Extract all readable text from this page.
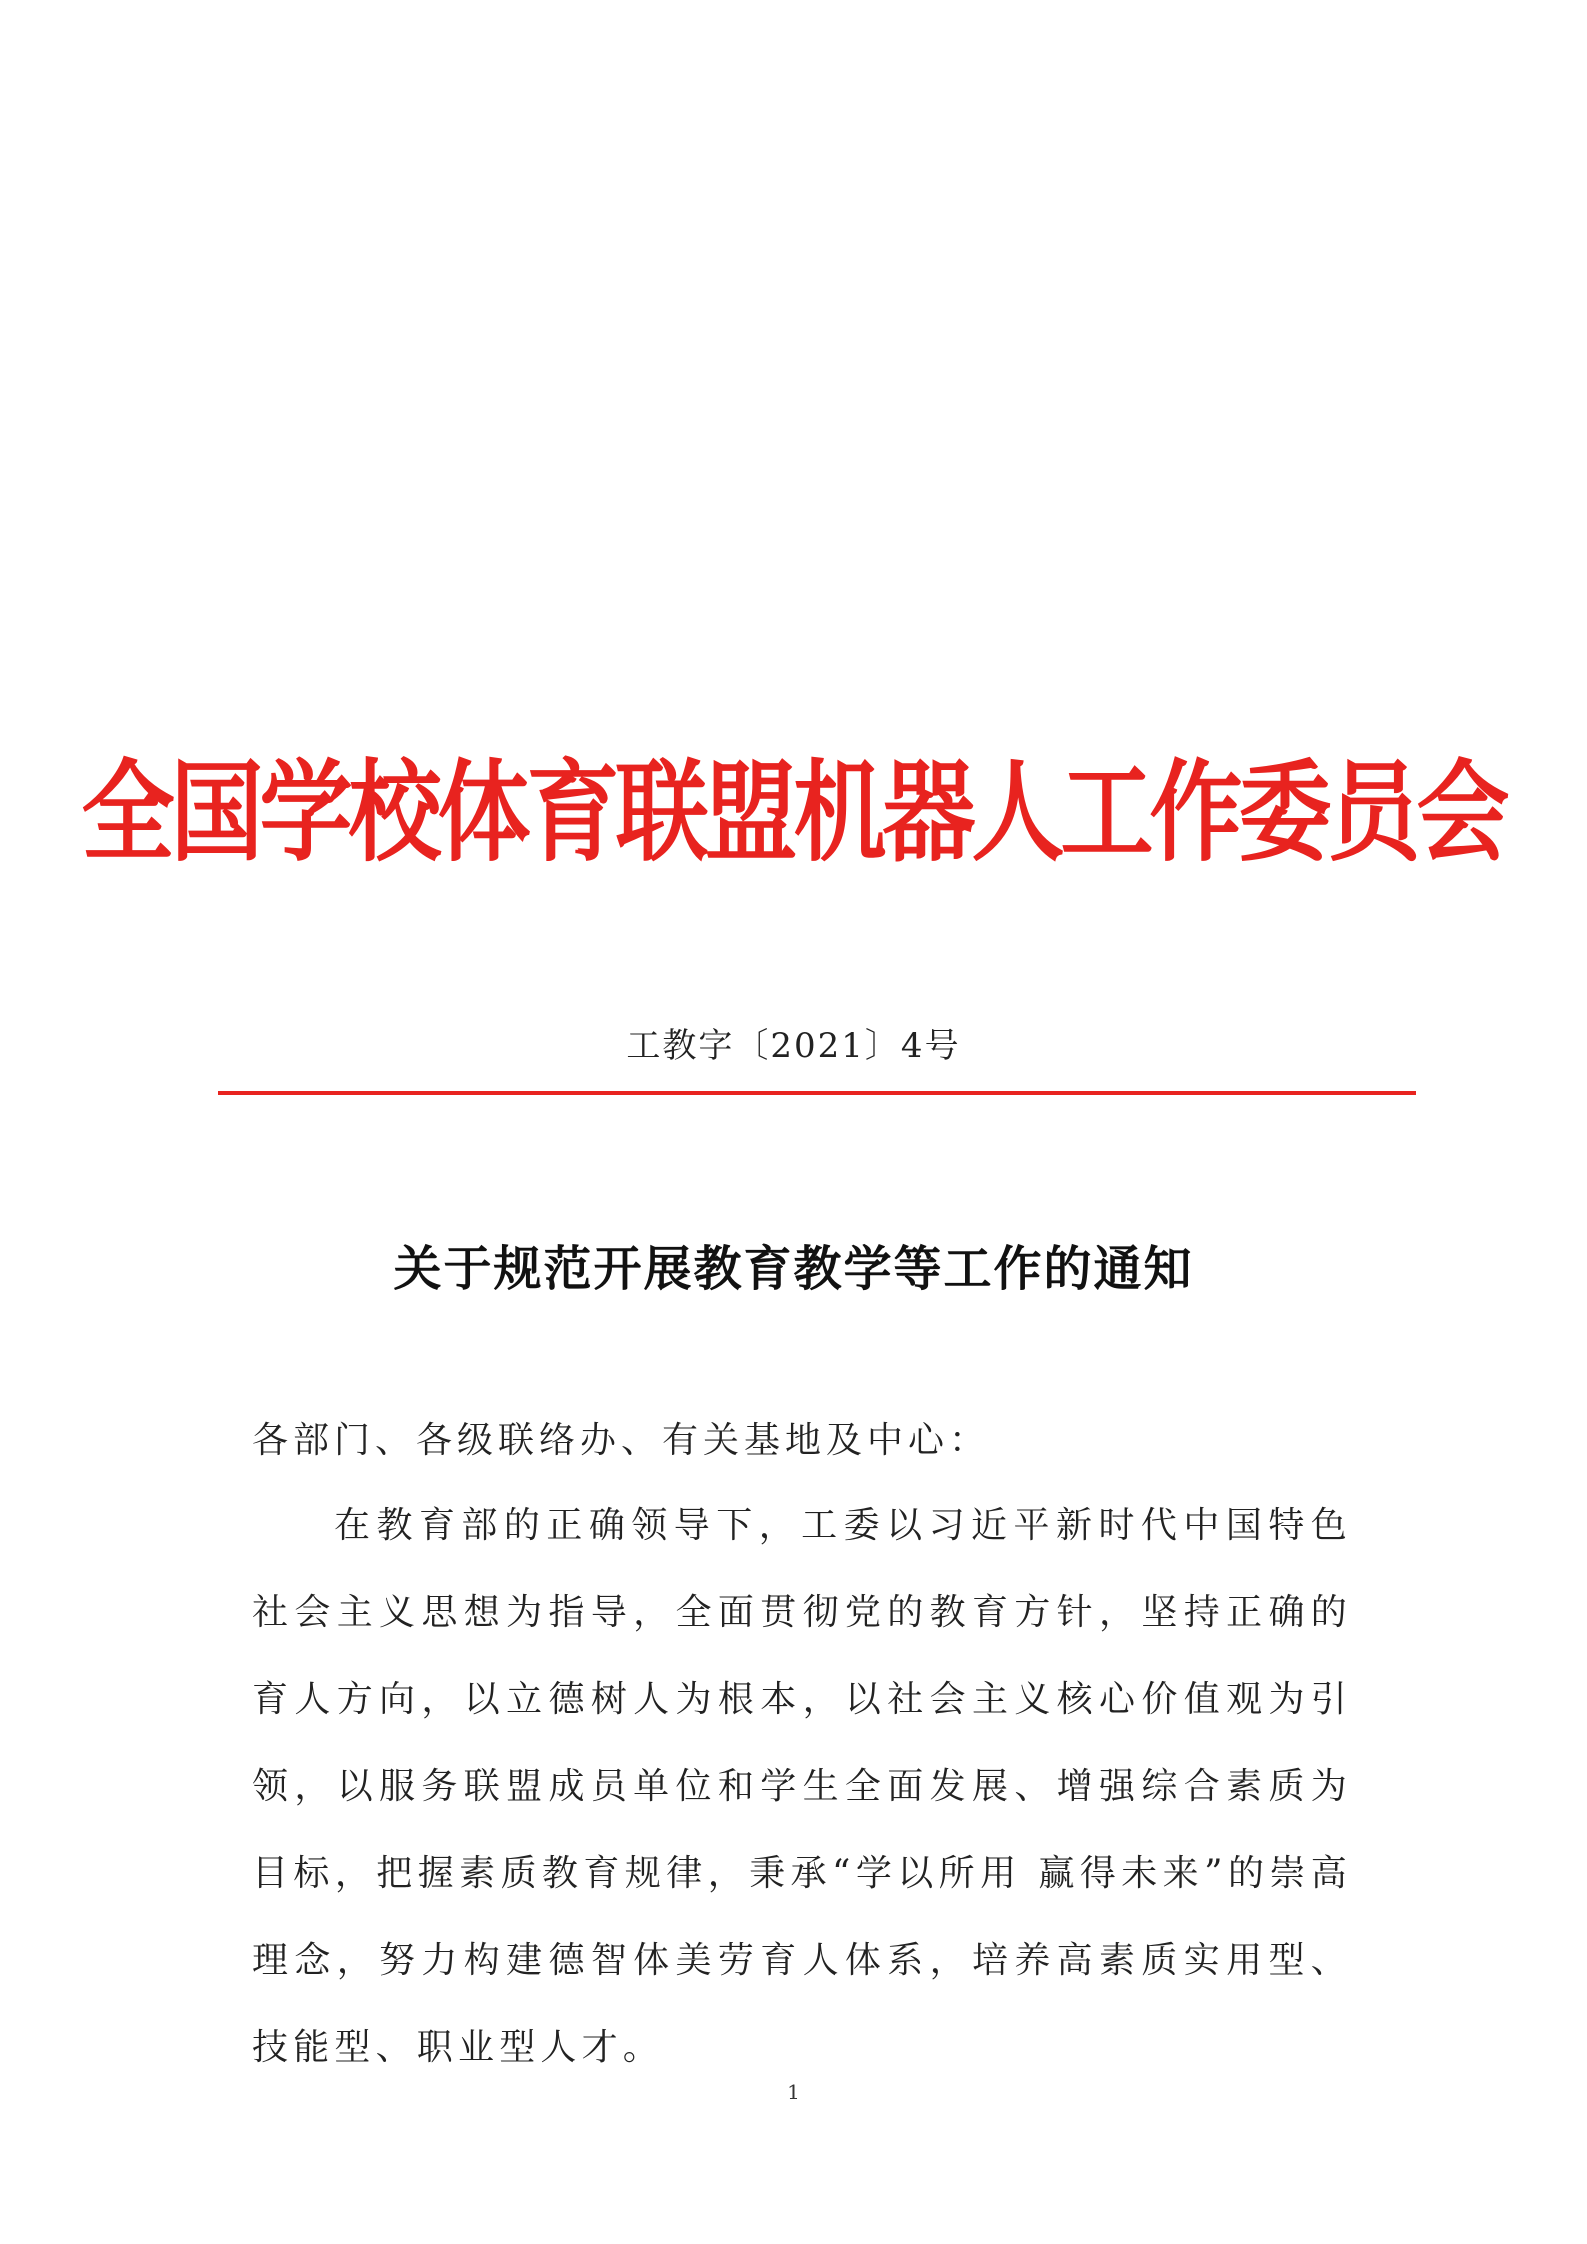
全国学校体育联盟机器人工作委员会
工教字〔2021〕4号
关于规范开展教育教学等工作的通知
各部门、各级联络办、有关基地及中心：

在教育部的正确领导下，工委以习近平新时代中国特色社会主义思想为指导，全面贯彻党的教育方针，坚持正确的育人方向，以立德树人为根本，以社会主义核心价值观为引领，以服务联盟成员单位和学生全面发展、增强综合素质为目标，把握素质教育规律，秉承“学以所用 赢得未来”的崇高理念，努力构建德智体美劳育人体系，培养高素质实用型、技能型、职业型人才。

1
